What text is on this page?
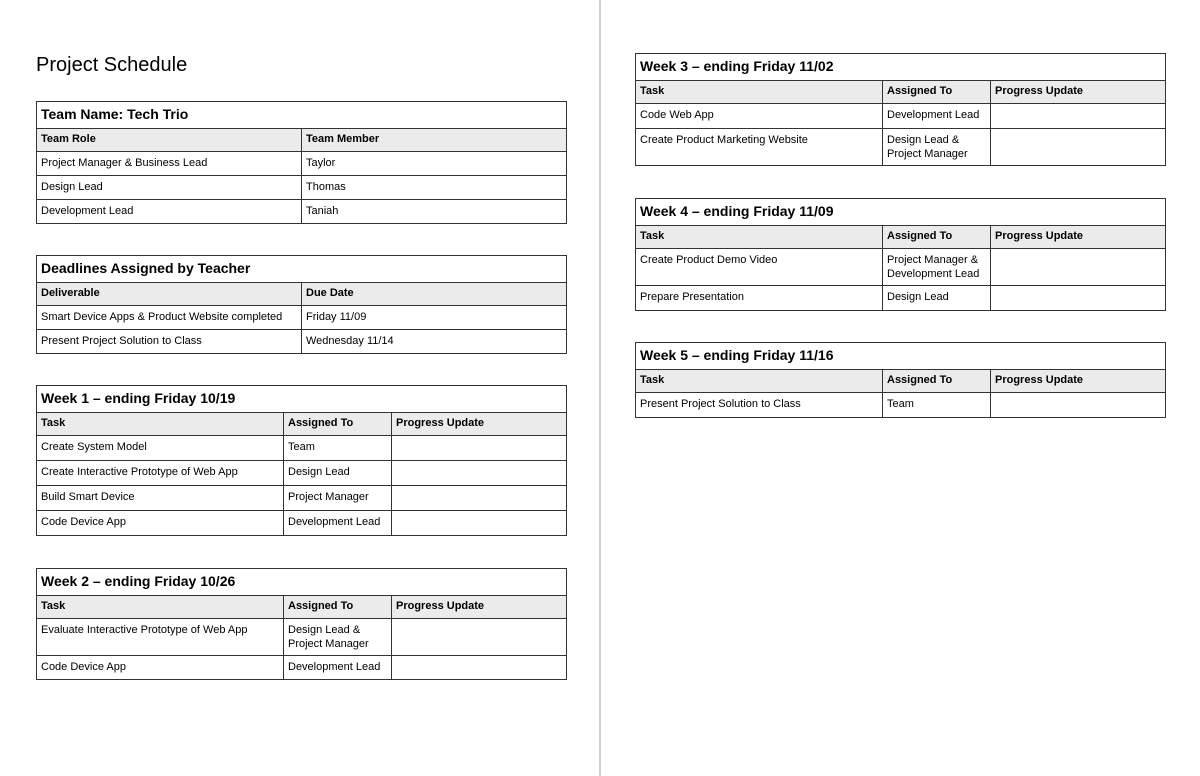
Project Schedule
Team Name: Tech Trio	
Team Role	Team Member
Project Manager & Business Lead	Taylor
Design Lead	Thomas
Development Lead	Taniah
Deadlines Assigned by Teacher	
Deliverable	Due Date
Smart Device Apps & Product Website completed	Friday 11/09
Present Project Solution to Class	Wednesday 11/14
Week 1 – ending Friday 10/19		
Task	Assigned To	Progress Update
Create System Model	Team	
Create Interactive Prototype of Web App	Design Lead	
Build Smart Device	Project Manager	
Code Device App	Development Lead	
Week 2 – ending Friday 10/26		
Task	Assigned To	Progress Update
Evaluate Interactive Prototype of Web App	Design Lead &
Project Manager	
Code Device App	Development Lead	
Week 3 – ending Friday 11/02		
Task	Assigned To	Progress Update
Code Web App	Development Lead	
Create Product Marketing Website	Design Lead &
Project Manager	
Week 4 – ending Friday 11/09		
Task	Assigned To	Progress Update
Create Product Demo Video	Project Manager &
Development Lead	
Prepare Presentation	Design Lead	
Week 5 – ending Friday 11/16		
Task	Assigned To	Progress Update
Present Project Solution to Class	Team	
